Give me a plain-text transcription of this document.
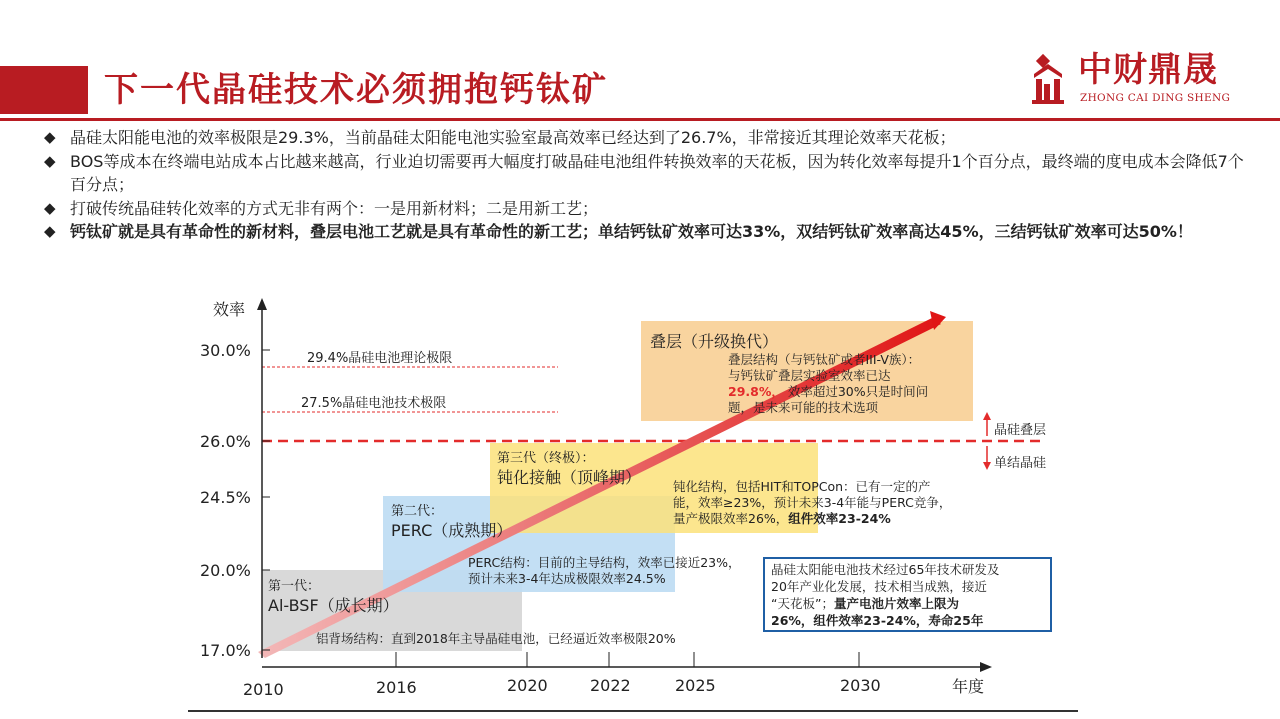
下一代晶硅技术必须拥抱钙钛矿	中财鼎晟
ZHONG CAI DING SHENG
◆ 晶硅太阳能电池的效率极限是29.3%，当前晶硅太阳能电池实验室最高效率已经达到了26.7%，非常接近其理论效率天花板；
◆ BOS等成本在终端电站成本占比越来越高，行业迫切需要再大幅度打破晶硅电池组件转换效率的天花板，因为转化效率每提升1个百分点，最终端的度电成本会降低7个百分点；
◆ 打破传统晶硅转化效率的方式无非有两个：一是用新材料；二是用新工艺；
◆ 钙钛矿就是具有革命性的新材料，叠层电池工艺就是具有革命性的新工艺；单结钙钛矿效率可达33%，双结钙钛矿效率高达45%，三结钙钛矿效率可达50%！
效率
年度
30.0%
26.0%
24.5%
20.0%
17.0%
2010	2016	2020	2022	2025	2030
29.4%晶硅电池理论极限
27.5%晶硅电池技术极限
晶硅叠层
单结晶硅
第一代：
Al-BSF（成长期）
铝背场结构：直到2018年主导晶硅电池，已经逼近效率极限20%
第二代：
PERC（成熟期）
PERC结构：目前的主导结构，效率已接近23%，
预计未来3-4年达成极限效率24.5%
第三代（终极）：
钝化接触（顶峰期）	钝化结构，包括HIT和TOPCon：已有一定的产
能，效率≥23%，预计未来3-4年能与PERC竞争，
量产极限效率26%，组件效率23-24%
叠层（升级换代）
叠层结构（与钙钛矿或者III-V族）：
与钙钛矿叠层实验室效率已达
29.8%， 效率超过30%只是时间问
题，是未来可能的技术选项
晶硅太阳能电池技术经过65年技术研发及
20年产业化发展，技术相当成熟，接近
“天花板”；量产电池片效率上限为
26%，组件效率23-24%，寿命25年
